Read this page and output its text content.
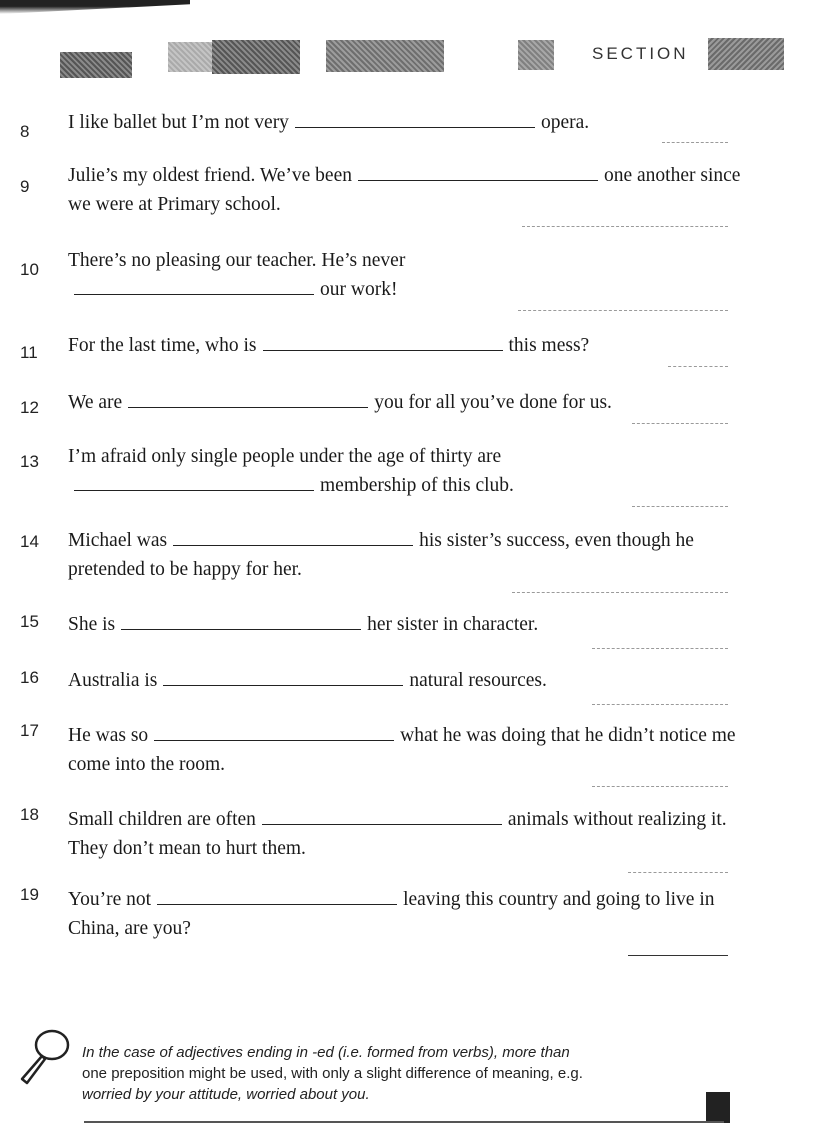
SECTION
8	I like ballet but I’m not very	opera.
9
Julie’s my oldest friend. We’ve been	one another since we were at Primary school.
10	There’s no pleasing our teacher. He’s neverour work!
11	For the last time, who is	this mess?
12	We are	you for all you’ve done for us.
13	I’m afraid only single people under the age of thirty aremembership of this club.
14	Michael was	his sister’s success, even though he pretended to be happy for her.
15	She is	her sister in character.
16	Australia is	natural resources.
17	He was so	what he was doing that he didn’t notice me come into the room.
18	Small children are often	animals without realizing it. They don’t mean to hurt them.
19	You’re not	leaving this country and going to live in China, are you?
In the case of adjectives ending in -ed (i.e. formed from verbs), more than
one preposition might be used, with only a slight difference of meaning, e.g.
worried by your attitude, worried about you.
